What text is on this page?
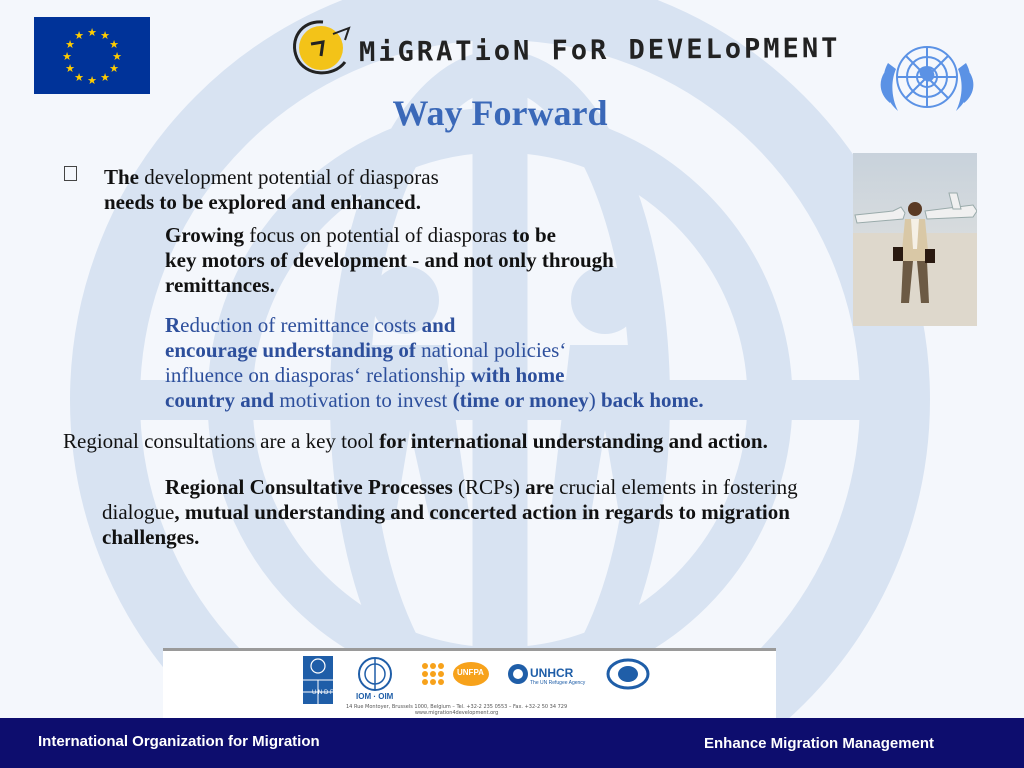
★ ★
★
★
★
★
★
★
★
★
★
★	MiGRATioN FoR DEVELoPMENT
Way Forward
The development potential of diasporas
needs to be explored and enhanced.
Growing focus on potential of diasporas to be
key motors of development - and not only through
remittances.
Reduction of remittance costs and
encourage understanding of national policies‘
influence on diasporas‘ relationship with home
country and motivation to invest (time or money) back home.
Regional consultations are a key tool for international understanding and action.
Regional Consultative Processes (RCPs) are crucial elements in fostering
dialogue, mutual understanding and concerted action in regards to migration
challenges.
U N D P	IOM · OIM
UNFPA	UNHCR
The UN Refugee Agency
14 Rue Montoyer, Brussels 1000, Belgium – Tel. +32-2 235 0553 – Fax. +32-2 50 34 729
www.migration4development.org
International Organization for Migration	Enhance Migration Management
